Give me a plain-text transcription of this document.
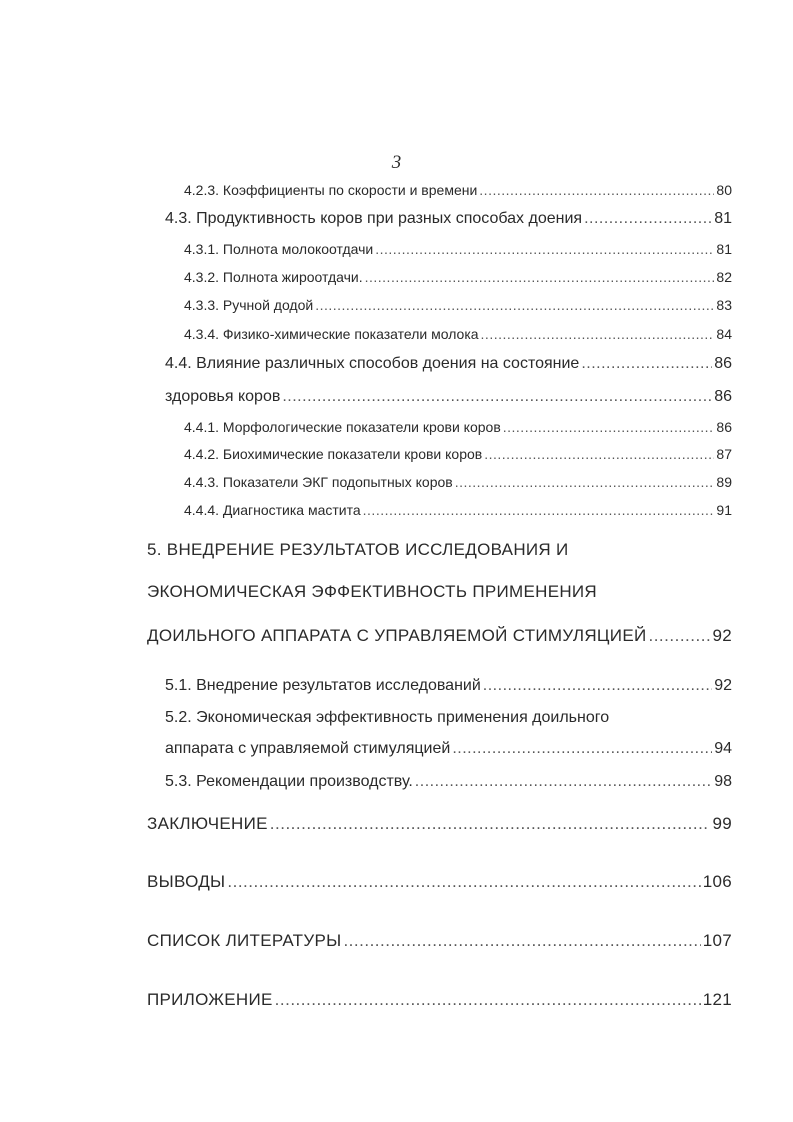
3
4.2.3. Коэффициенты по скорости и времени .....	80
4.3. Продуктивность коров при разных способах доения .....	81
4.3.1. Полнота молокоотдачи .....	81
4.3.2. Полнота жироотдачи. .....	82
4.3.3. Ручной додой .....	83
4.3.4. Физико-химические показатели молока .....	84
4.4. Влияние различных способов доения на состояние .....	86
здоровья коров .....	86
4.4.1. Морфологические показатели крови коров .....	86
4.4.2. Биохимические показатели крови коров .....	87
4.4.3. Показатели ЭКГ подопытных коров .....	89
4.4.4. Диагностика мастита .....	91
5. ВНЕДРЕНИЕ РЕЗУЛЬТАТОВ ИССЛЕДОВАНИЯ И
ЭКОНОМИЧЕСКАЯ ЭФФЕКТИВНОСТЬ ПРИМЕНЕНИЯ
ДОИЛЬНОГО АППАРАТА С УПРАВЛЯЕМОЙ СТИМУЛЯЦИЕЙ .....	92
5.1. Внедрение результатов исследований .....	92
5.2. Экономическая эффективность применения доильного
аппарата с управляемой стимуляцией .....	94
5.3. Рекомендации производству. .....	98
ЗАКЛЮЧЕНИЕ .....	99
ВЫВОДЫ .....	106
СПИСОК ЛИТЕРАТУРЫ .....	107
ПРИЛОЖЕНИЕ .....	121
